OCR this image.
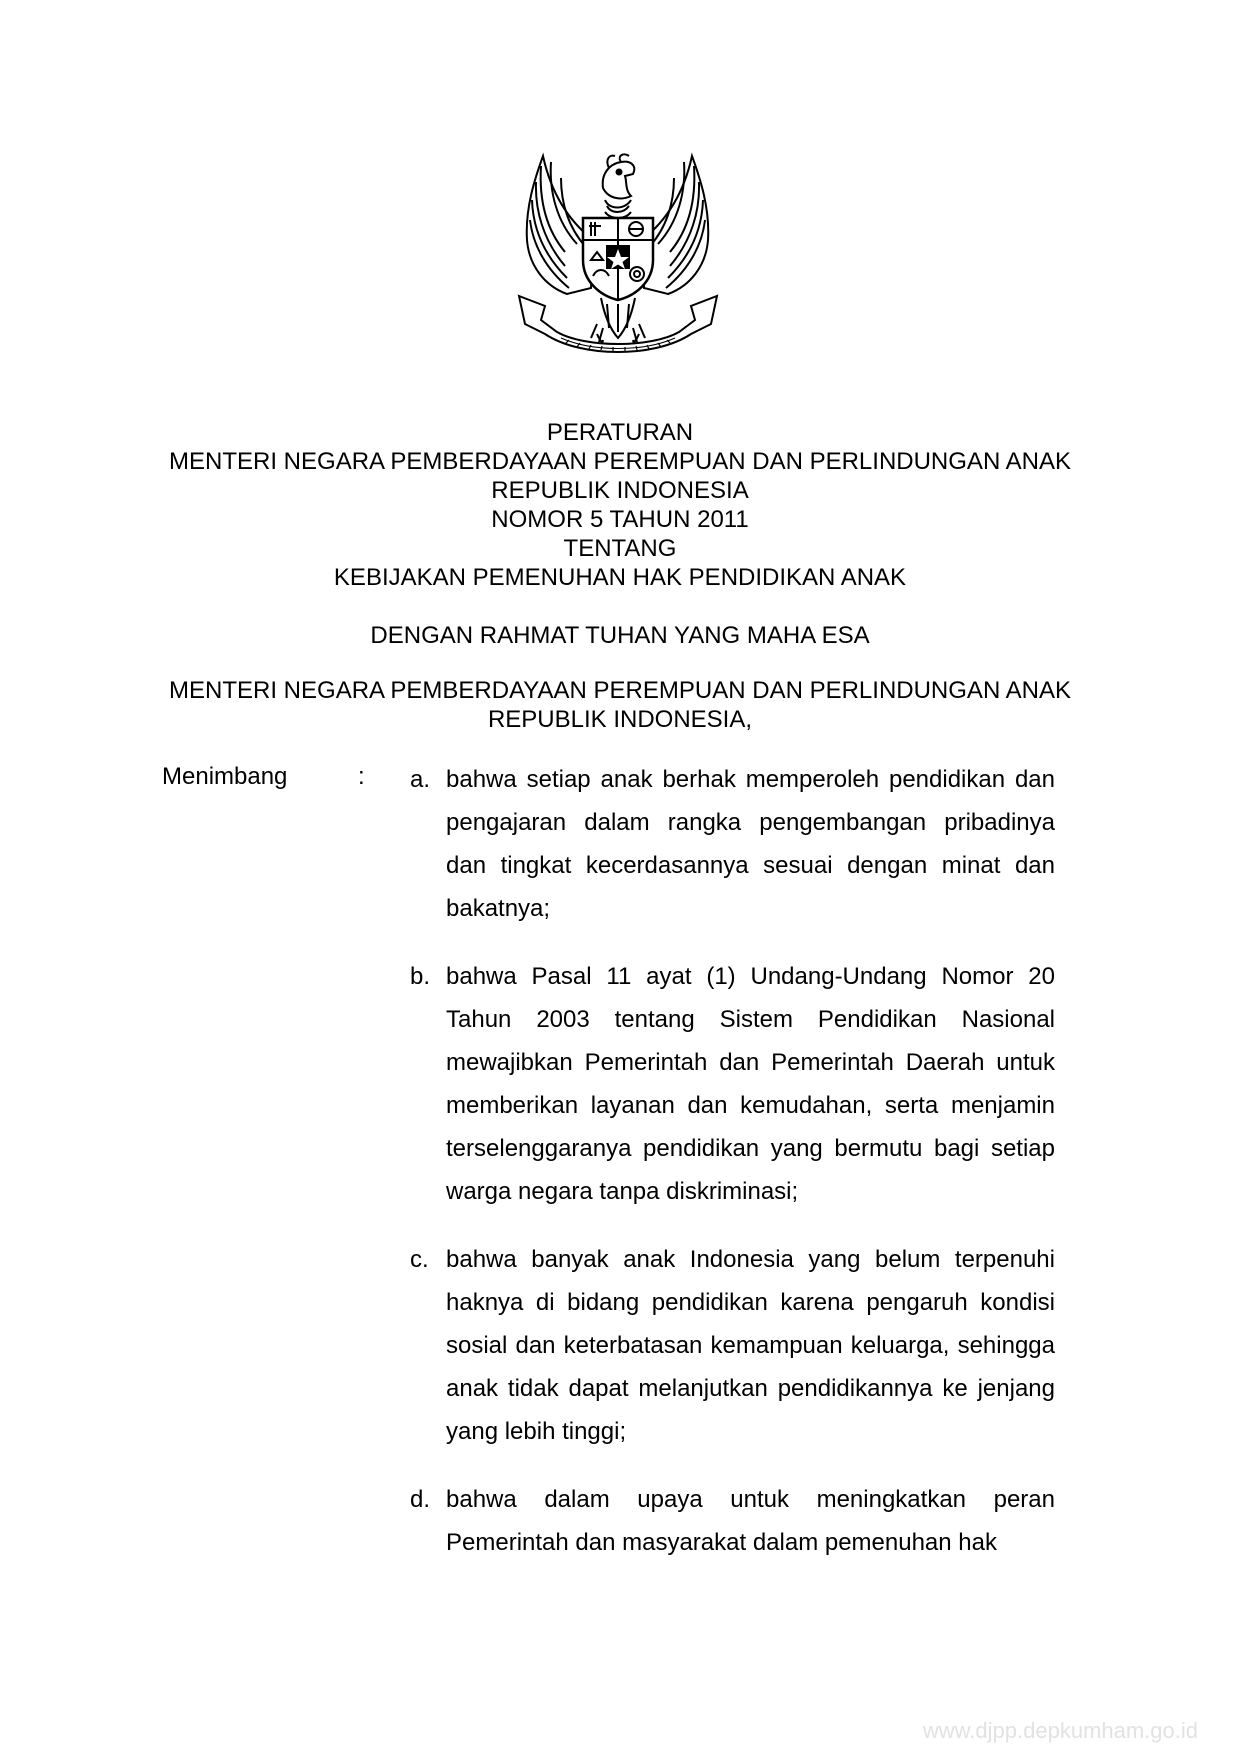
PERATURAN
MENTERI NEGARA PEMBERDAYAAN PEREMPUAN DAN PERLINDUNGAN ANAK
REPUBLIK INDONESIA
NOMOR 5 TAHUN 2011
TENTANG
KEBIJAKAN PEMENUHAN HAK PENDIDIKAN ANAK
DENGAN RAHMAT TUHAN YANG MAHA ESA
MENTERI NEGARA PEMBERDAYAAN PEREMPUAN DAN PERLINDUNGAN ANAK
REPUBLIK INDONESIA,
Menimbang	: a. bahwa setiap anak berhak memperoleh pendidikan dan pengajaran dalam rangka pengembangan pribadinya dan tingkat kecerdasannya sesuai dengan minat dan bakatnya;
b. bahwa Pasal 11 ayat (1) Undang-Undang Nomor 20 Tahun 2003 tentang Sistem Pendidikan Nasional mewajibkan Pemerintah dan Pemerintah Daerah untuk memberikan layanan dan kemudahan, serta menjamin terselenggaranya pendidikan yang bermutu bagi setiap warga negara tanpa diskriminasi;
c. bahwa banyak anak Indonesia yang belum terpenuhi haknya di bidang pendidikan karena pengaruh kondisi sosial dan keterbatasan kemampuan keluarga, sehingga anak tidak dapat melanjutkan pendidikannya ke jenjang yang lebih tinggi;
d. bahwa dalam upaya untuk meningkatkan peran Pemerintah dan masyarakat dalam pemenuhan hak
www.djpp.depkumham.go.id
